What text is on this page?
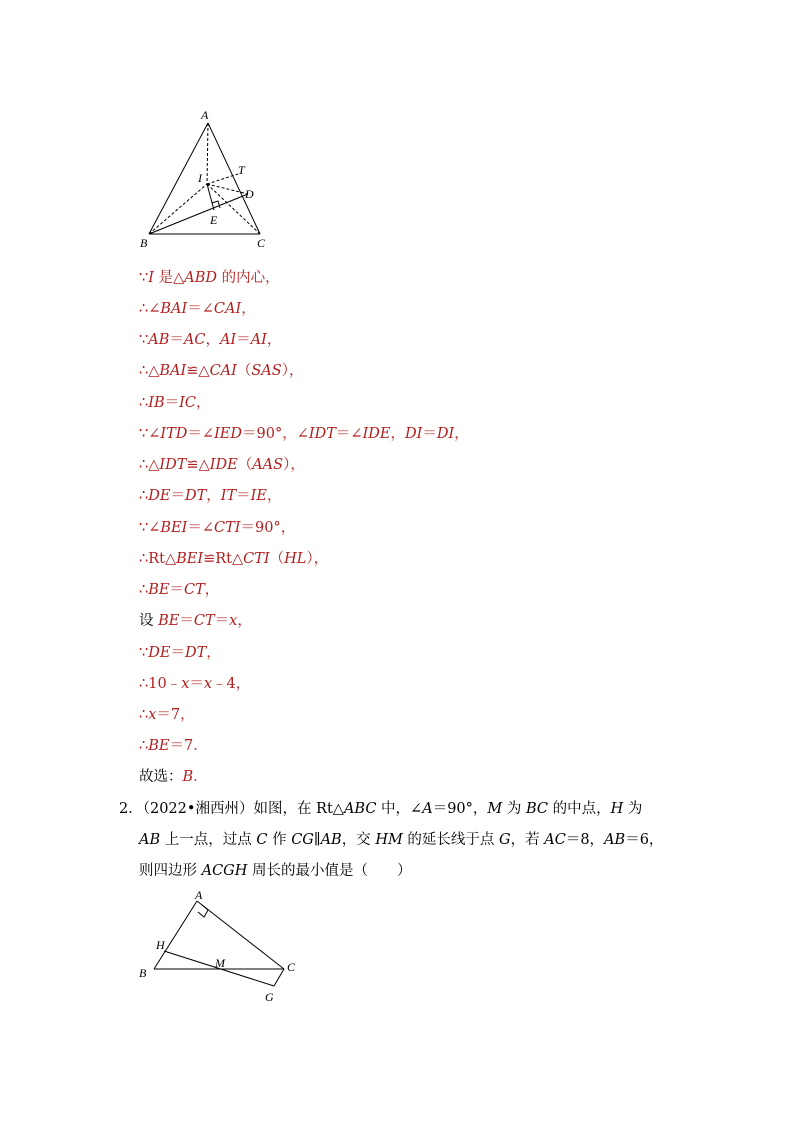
A
T
I
D
E
B	C
∵I 是△ABD 的内心，
∴∠BAI＝∠CAI，
∵AB＝AC，AI＝AI，
∴△BAI≌△CAI（SAS），
∴IB＝IC，
∵∠ITD＝∠IED＝90°，∠IDT＝∠IDE，DI＝DI，
∴△IDT≌△IDE（AAS），
∴DE＝DT，IT＝IE，
∵∠BEI＝∠CTI＝90°，
∴Rt△BEI≌Rt△CTI（HL），
∴BE＝CT，
设 BE＝CT＝x，
∵DE＝DT，
∴10﹣x＝x﹣4，
∴x＝7，
∴BE＝7．
故选：B．
2．（2022•湘西州）如图，在 Rt△ABC 中，∠A＝90°，M 为 BC 的中点，H 为
AB 上一点，过点 C 作 CG∥AB，交 HM 的延长线于点 G，若 AC＝8，AB＝6，
则四边形 ACGH 周长的最小值是（　　）
A
H
M
B	C
G
